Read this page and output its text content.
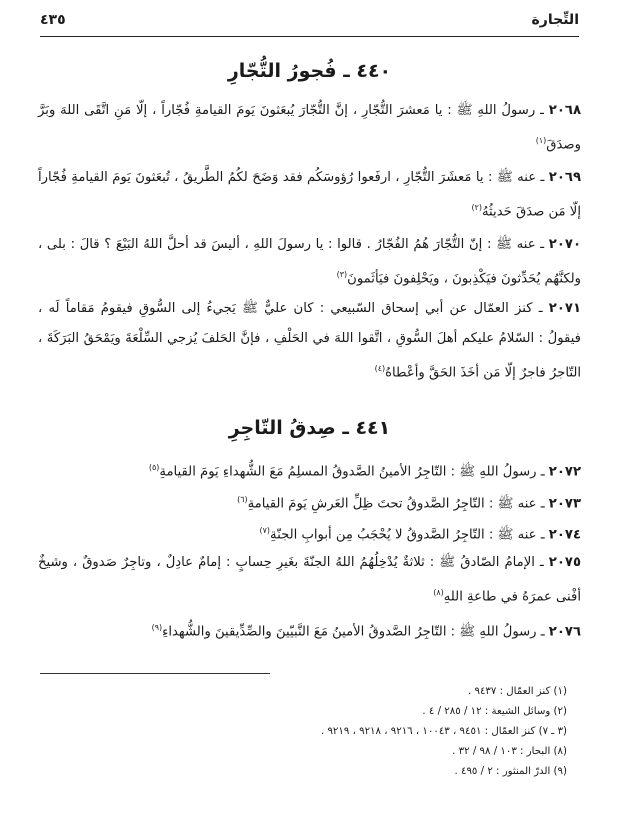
التِّجارة
٤٣٥
٤٤٠ ـ فُجورُ التُّجّارِ
٢٠٦٨ ـ رسولُ اللهِ ﷺ : يا مَعشرَ التُّجّارِ ، إنَّ التُّجّارَ يُبعَثونَ يَومَ القيامةِ فُجّاراً ، إلّا مَنِ اتَّقَى اللهَ وبَرَّ وصدَقَ$^{(١)}$
٢٠٦٩ ـ عنه ﷺ : يا مَعشَرَ التُّجّارِ ، ارفَعوا رُؤوسَكُم فقد وَضَحَ لكُمُ الطَّريقُ ، تُبعَثونَ يَومَ القيامةِ فُجّاراً إلّا مَن صدَقَ حَديثُهُ$^{(٢)}$
٢٠٧٠ ـ عنه ﷺ : إنّ التُّجّارَ هُمُ الفُجّارُ . قالوا : يا رسولَ اللهِ ، أليسَ قد أحلَّ اللهُ البَيْعَ ؟ قالَ : بلى ، ولكنَّهُم يُحَدِّثونَ فيَكْذِبونَ ، ويَحْلِفونَ فيَأثَمونَ$^{(٣)}$
٢٠٧١ ـ كنز العمّال عن أبي إسحاق السّبيعي : كان عليٌّ ﷺ يَجيءُ إلى السُّوقِ فيقومُ مَقاماً لَه ، فيقولُ : السّلامُ عليكم أهلَ السُّوقِ ، اتَّقوا اللهَ في الحَلْفِ ، فإنَّ الحَلفَ يُزجي السِّلْعَةَ ويَمْحَقُ البَرَكَةَ ، التّاجرُ فاجرٌ إلّا مَن أخَذَ الحَقَّ وأعْطاهُ$^{(٤)}$
٤٤١ ـ صِدقُ التّاجِرِ
٢٠٧٢ ـ رسولُ اللهِ ﷺ : التّاجِرُ الأمينُ الصَّدوقُ المسلِمُ مَعَ الشُّهداءِ يَومَ القيامةِ$^{(٥)}$
٢٠٧٣ ـ عنه ﷺ : التّاجِرُ الصَّدوقُ تحتَ ظِلِّ العَرشِ يَومَ القيامةِ$^{(٦)}$
٢٠٧٤ ـ عنه ﷺ : التّاجِرُ الصَّدوقُ لا يُحْجَبُ مِن أبوابِ الجنّةِ$^{(٧)}$
٢٠٧٥ ـ الإمامُ الصّادقُ ﷺ : ثلاثةٌ يُدْخِلُهُمُ اللهُ الجنّةَ بغَيرِ حِسابٍ : إمامٌ عادِلٌ ، وتاجِرٌ صَدوقٌ ، وشيخٌ أفْنى عمرَهُ في طاعةِ اللهِ$^{(٨)}$
٢٠٧٦ ـ رسولُ اللهِ ﷺ : التّاجِرُ الصَّدوقُ الأمينُ مَعَ النَّبيّينَ والصِّدِّيقينَ والشُّهداءِ$^{(٩)}$
(١) كنز العمّال : ٩٤٣٧ .
(٢) وسائل الشيعة : ١٢ / ٢٨٥ / ٤ .
(٣ ـ ٧) كنز العمّال : ٩٤٥١ ، ١٠٠٤٣ ، ٩٢١٦ ، ٩٢١٨ ، ٩٢١٩ .
(٨) البحار : ١٠٣ / ٩٨ / ٣٢ .
(٩) الدرّ المنثور : ٢ / ٤٩٥ .
